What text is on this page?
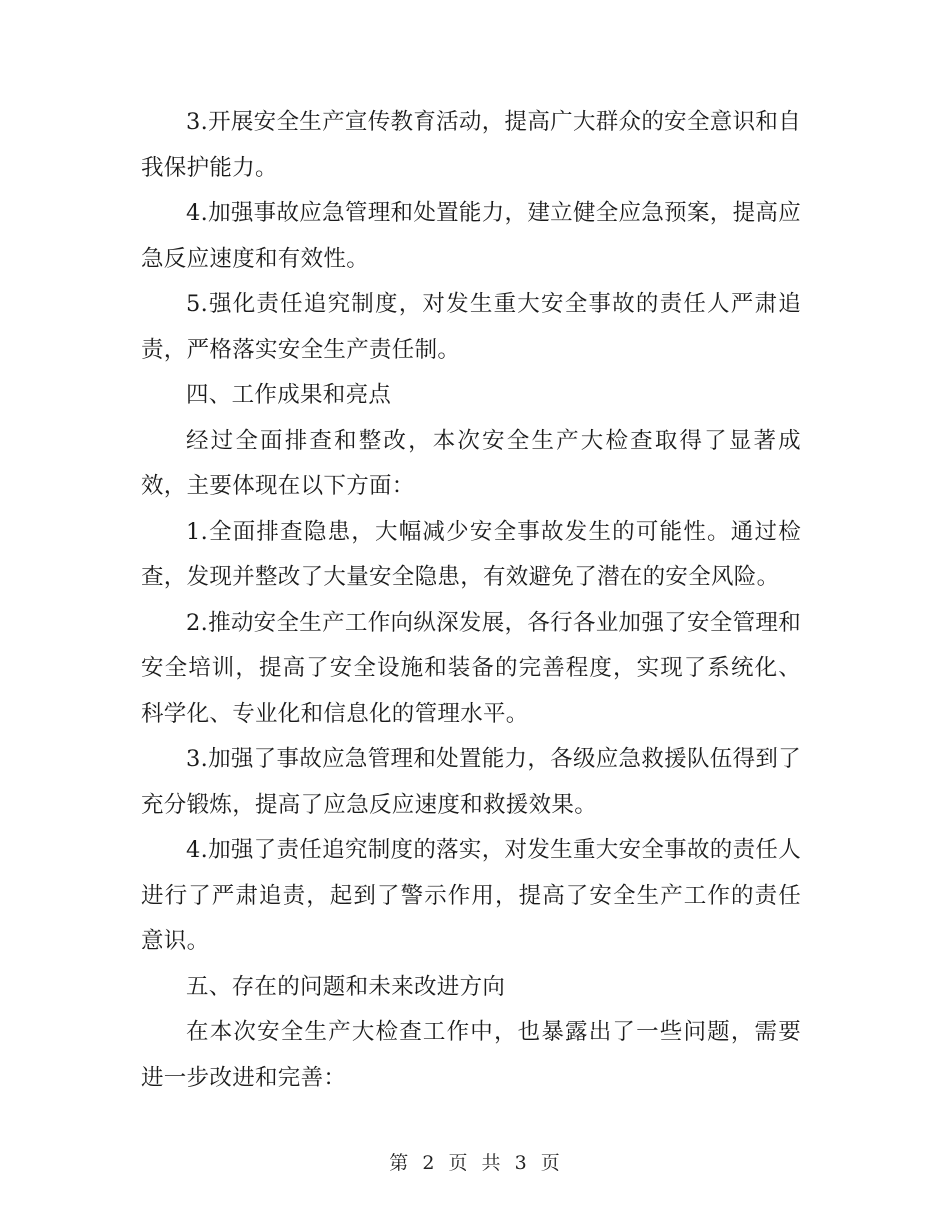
3.开展安全生产宣传教育活动，提高广大群众的安全意识和自我保护能力。

4.加强事故应急管理和处置能力，建立健全应急预案，提高应急反应速度和有效性。

5.强化责任追究制度，对发生重大安全事故的责任人严肃追责，严格落实安全生产责任制。

四、工作成果和亮点

经过全面排查和整改，本次安全生产大检查取得了显著成效，主要体现在以下方面：

1.全面排查隐患，大幅减少安全事故发生的可能性。通过检查，发现并整改了大量安全隐患，有效避免了潜在的安全风险。

2.推动安全生产工作向纵深发展，各行各业加强了安全管理和安全培训，提高了安全设施和装备的完善程度，实现了系统化、科学化、专业化和信息化的管理水平。

3.加强了事故应急管理和处置能力，各级应急救援队伍得到了充分锻炼，提高了应急反应速度和救援效果。

4.加强了责任追究制度的落实，对发生重大安全事故的责任人进行了严肃追责，起到了警示作用，提高了安全生产工作的责任意识。

五、存在的问题和未来改进方向

在本次安全生产大检查工作中，也暴露出了一些问题，需要进一步改进和完善：

第 2 页 共 3 页
